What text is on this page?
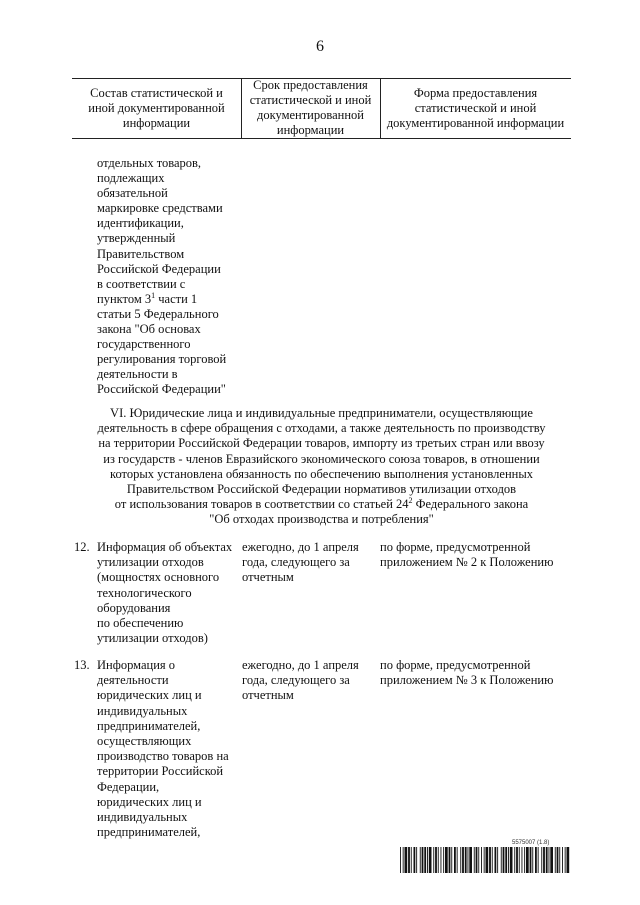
6
Состав статистической и
иной документированной
информации
Срок предоставления
статистической и иной
документированной
информации
Форма предоставления
статистической и иной
документированной информации
отдельных товаров,
подлежащих
обязательной
маркировке средствами
идентификации,
утвержденный
Правительством
Российской Федерации
в соответствии с
пунктом $3^1$ части 1
статьи 5 Федерального
закона "Об основах
государственного
регулирования торговой
деятельности в
Российской Федерации"
VI. Юридические лица и индивидуальные предприниматели, осуществляющие
деятельность в сфере обращения с отходами, а также деятельность по производству
на территории Российской Федерации товаров, импорту из третьих стран или ввозу
из государств - членов Евразийского экономического союза товаров, в отношении
которых установлена обязанность по обеспечению выполнения установленных
Правительством Российской Федерации нормативов утилизации отходов
от использования товаров в соответствии со статьей $24^2$ Федерального закона
"Об отходах производства и потребления"
12. Информация об объектах
утилизации отходов
(мощностях основного
технологического
оборудования
по обеспечению
утилизации отходов)
ежегодно, до 1 апреля
года, следующего за
отчетным
по форме, предусмотренной
приложением № 2 к Положению
13. Информация о
деятельности
юридических лиц и
индивидуальных
предпринимателей,
осуществляющих
производство товаров на
территории Российской
Федерации,
юридических лиц и
индивидуальных
предпринимателей,
ежегодно, до 1 апреля
года, следующего за
отчетным
по форме, предусмотренной
приложением № 3 к Положению
5575007 (1.8)
